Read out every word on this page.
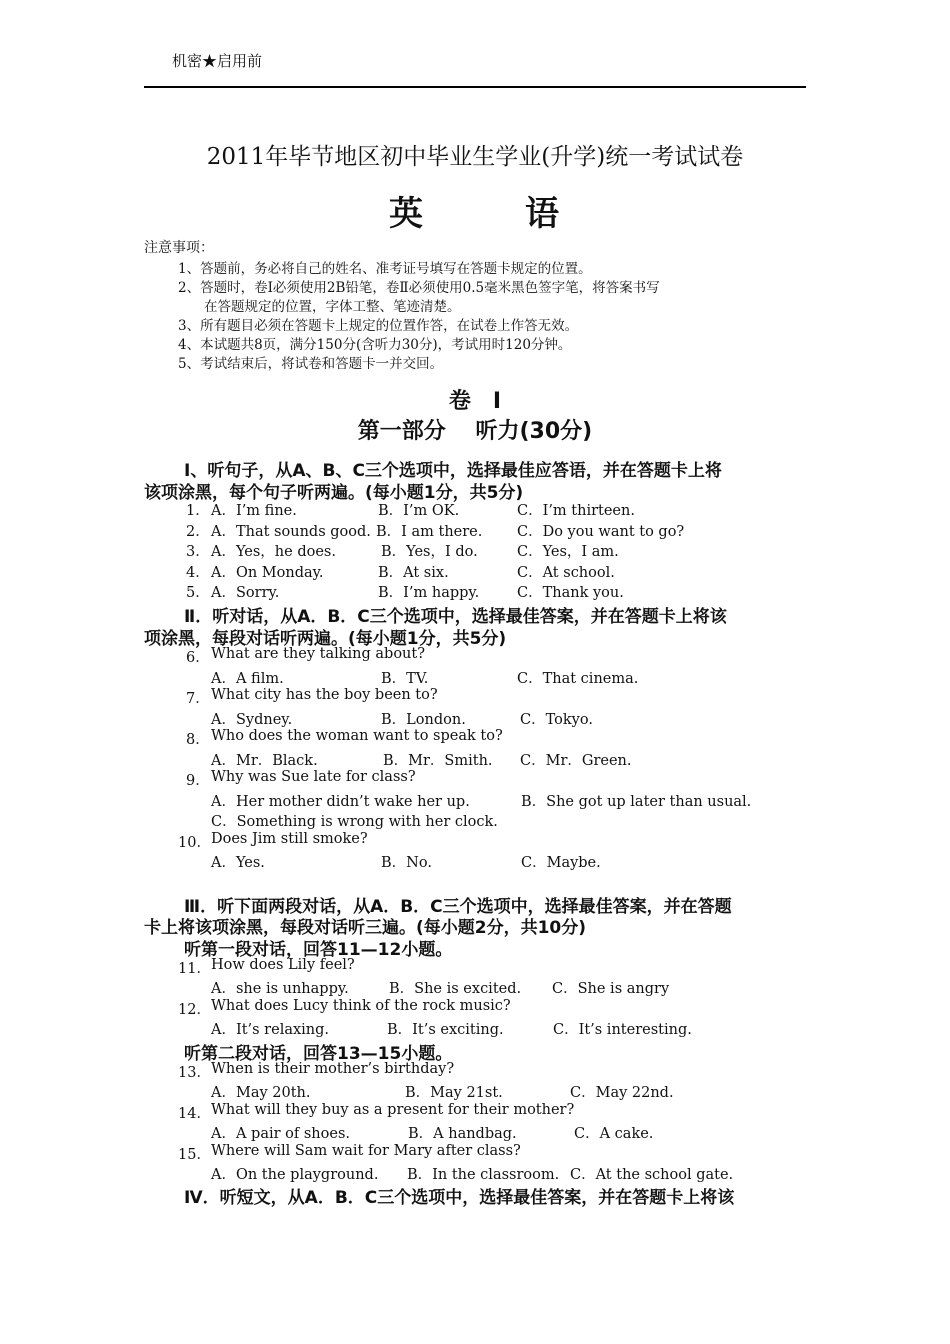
机密★启用前
2011年毕节地区初中毕业生学业(升学)统一考试试卷
英	语
注意事项：
1、答题前，务必将自己的姓名、准考证号填写在答题卡规定的位置。
2、答题时，卷Ⅰ必须使用2B铅笔，卷Ⅱ必须使用0.5毫米黑色签字笔，将答案书写
在答题规定的位置，字体工整、笔迹清楚。
3、所有题目必须在答题卡上规定的位置作答，在试卷上作答无效。
4、本试题共8页，满分150分(含听力30分)，考试用时120分钟。
5、考试结束后，将试卷和答题卡一并交回。
卷　Ⅰ
第一部分　 听力(30分)
Ⅰ、听句子，从A、B、C三个选项中，选择最佳应答语，并在答题卡上将
该项涂黑，每个句子听两遍。(每小题1分，共5分)
1． A．I’m fine.	B．I’m OK.	C．I’m thirteen.
2． A．That sounds good. B．I am there. C．Do you want to go?
3． A．Yes，he does.	B．Yes，I do.	C．Yes，I am.
4． A．On Monday.	B．At six.	C．At school.
5． A．Sorry.	B．I’m happy.	C．Thank you.
Ⅱ．听对话，从A．B．C三个选项中，选择最佳答案，并在答题卡上将该
项涂黑，每段对话听两遍。(每小题1分，共5分)
6． What are they talking about?
A．A film.	B．TV.	C．That cinema.
7． What city has the boy been to?
A．Sydney.	B．London.	C．Tokyo.
8． Who does the woman want to speak to?
A．Mr．Black.	B．Mr．Smith. C．Mr．Green.
9． Why was Sue late for class?
A．Her mother didn’t wake her up.	B．She got up later than usual.
C．Something is wrong with her clock.
10． Does Jim still smoke?
A．Yes.	B．No.	C．Maybe.
Ⅲ．听下面两段对话，从A．B．C三个选项中，选择最佳答案，并在答题
卡上将该项涂黑，每段对话听三遍。(每小题2分，共10分)
听第一段对话，回答11—12小题。
11． How does Lily feel?
A．she is unhappy.	B．She is excited. C．She is angry
12． What does Lucy think of the rock music?
A．It’s relaxing.	B．It’s exciting.	C．It’s interesting.
听第二段对话，回答13—15小题。
13． When is their mother’s birthday?
A．May 20th.	B．May 21st.	C．May 22nd.
14． What will they buy as a present for their mother?
A．A pair of shoes.	B．A handbag.	C．A cake.
15． Where will Sam wait for Mary after class?
A．On the playground. B．In the classroom. C．At the school gate.
Ⅳ．听短文，从A．B．C三个选项中，选择最佳答案，并在答题卡上将该
